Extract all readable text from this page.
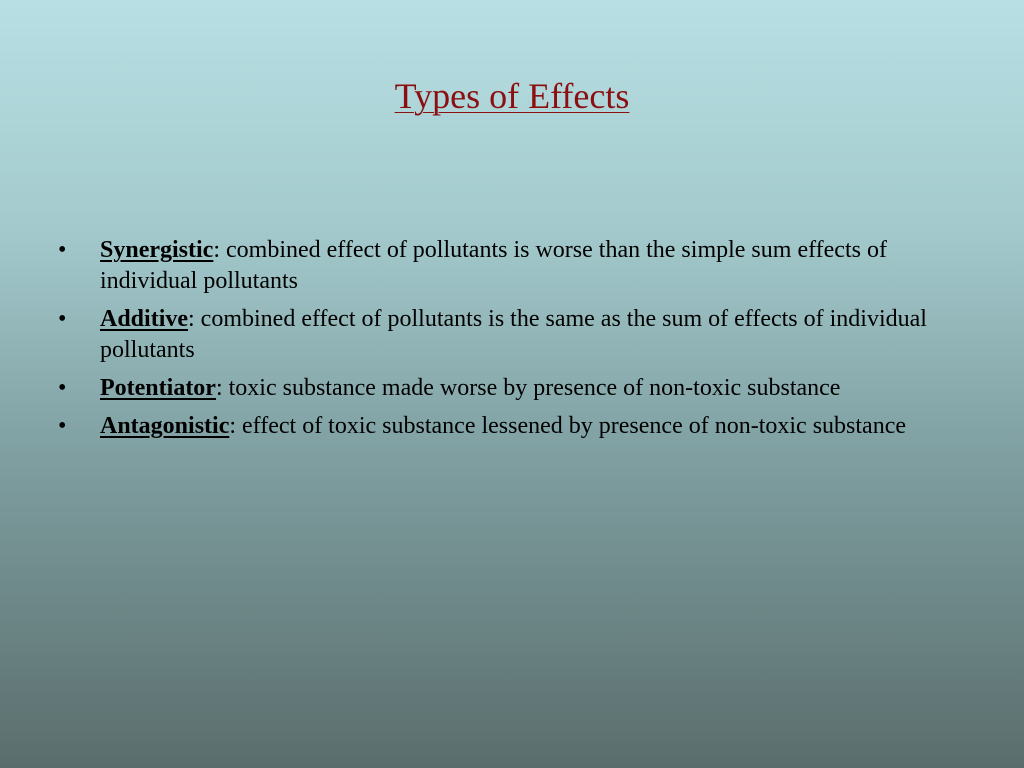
Types of Effects
• Synergistic: combined effect of pollutants is worse than the simple sum effects of individual pollutants
• Additive: combined effect of pollutants is the same as the sum of effects of individual pollutants
• Potentiator: toxic substance made worse by presence of non-toxic substance
• Antagonistic: effect of toxic substance lessened by presence of non-toxic substance
